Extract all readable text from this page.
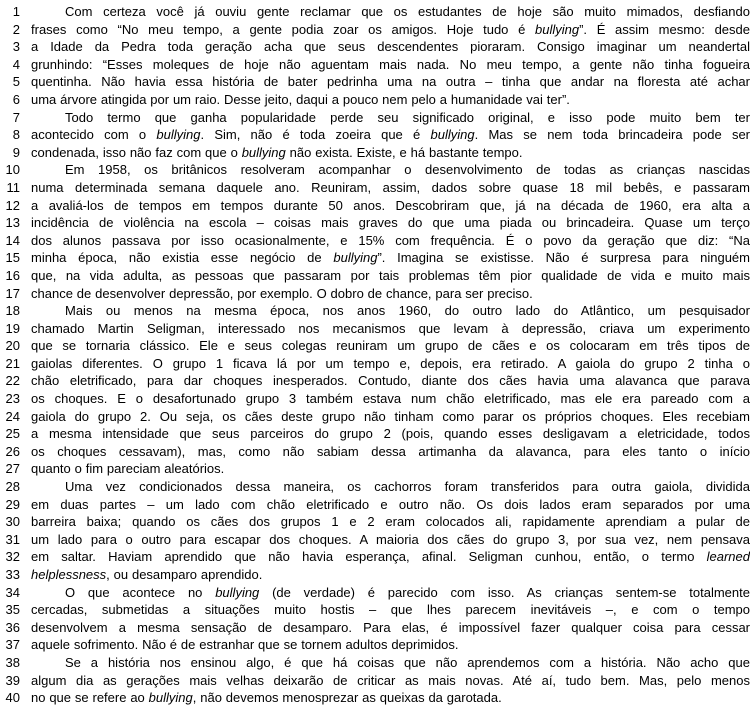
1	Com certeza você já ouviu gente reclamar que os estudantes de hoje são muito mimados, desfiando
2 frases como “No meu tempo, a gente podia zoar os amigos. Hoje tudo é bullying”. É assim mesmo: desde
3 a Idade da Pedra toda geração acha que seus descendentes pioraram. Consigo imaginar um neandertal
4 grunhindo: “Esses moleques de hoje não aguentam mais nada. No meu tempo, a gente não tinha fogueira
5 quentinha. Não havia essa história de bater pedrinha uma na outra – tinha que andar na floresta até achar
6 uma árvore atingida por um raio. Desse jeito, daqui a pouco nem pelo a humanidade vai ter”.
7	Todo termo que ganha popularidade perde seu significado original, e isso pode muito bem ter
8 acontecido com o bullying. Sim, não é toda zoeira que é bullying. Mas se nem toda brincadeira pode ser
9 condenada, isso não faz com que o bullying não exista. Existe, e há bastante tempo.
10	Em 1958, os britânicos resolveram acompanhar o desenvolvimento de todas as crianças nascidas
11 numa determinada semana daquele ano. Reuniram, assim, dados sobre quase 18 mil bebês, e passaram
12 a avaliá-los de tempos em tempos durante 50 anos. Descobriram que, já na década de 1960, era alta a
13 incidência de violência na escola – coisas mais graves do que uma piada ou brincadeira. Quase um terço
14 dos alunos passava por isso ocasionalmente, e 15% com frequência. É o povo da geração que diz: “Na
15 minha época, não existia esse negócio de bullying”. Imagina se existisse. Não é surpresa para ninguém
16 que, na vida adulta, as pessoas que passaram por tais problemas têm pior qualidade de vida e muito mais
17 chance de desenvolver depressão, por exemplo. O dobro de chance, para ser preciso.
18	Mais ou menos na mesma época, nos anos 1960, do outro lado do Atlântico, um pesquisador
19 chamado Martin Seligman, interessado nos mecanismos que levam à depressão, criava um experimento
20 que se tornaria clássico. Ele e seus colegas reuniram um grupo de cães e os colocaram em três tipos de
21 gaiolas diferentes. O grupo 1 ficava lá por um tempo e, depois, era retirado. A gaiola do grupo 2 tinha o
22 chão eletrificado, para dar choques inesperados. Contudo, diante dos cães havia uma alavanca que parava
23 os choques. E o desafortunado grupo 3 também estava num chão eletrificado, mas ele era pareado com a
24 gaiola do grupo 2. Ou seja, os cães deste grupo não tinham como parar os próprios choques. Eles recebiam
25 a mesma intensidade que seus parceiros do grupo 2 (pois, quando esses desligavam a eletricidade, todos
26 os choques cessavam), mas, como não sabiam dessa artimanha da alavanca, para eles tanto o início
27 quanto o fim pareciam aleatórios.
28	Uma vez condicionados dessa maneira, os cachorros foram transferidos para outra gaiola, dividida
29 em duas partes – um lado com chão eletrificado e outro não. Os dois lados eram separados por uma
30 barreira baixa; quando os cães dos grupos 1 e 2 eram colocados ali, rapidamente aprendiam a pular de
31 um lado para o outro para escapar dos choques. A maioria dos cães do grupo 3, por sua vez, nem pensava
32 em saltar. Haviam aprendido que não havia esperança, afinal. Seligman cunhou, então, o termo learned
33 helplessness, ou desamparo aprendido.
34	O que acontece no bullying (de verdade) é parecido com isso. As crianças sentem-se totalmente
35 cercadas, submetidas a situações muito hostis – que lhes parecem inevitáveis –, e com o tempo
36 desenvolvem a mesma sensação de desamparo. Para elas, é impossível fazer qualquer coisa para cessar
37 aquele sofrimento. Não é de estranhar que se tornem adultos deprimidos.
38	Se a história nos ensinou algo, é que há coisas que não aprendemos com a história. Não acho que
39 algum dia as gerações mais velhas deixarão de criticar as mais novas. Até aí, tudo bem. Mas, pelo menos
40 no que se refere ao bullying, não devemos menosprezar as queixas da garotada.
